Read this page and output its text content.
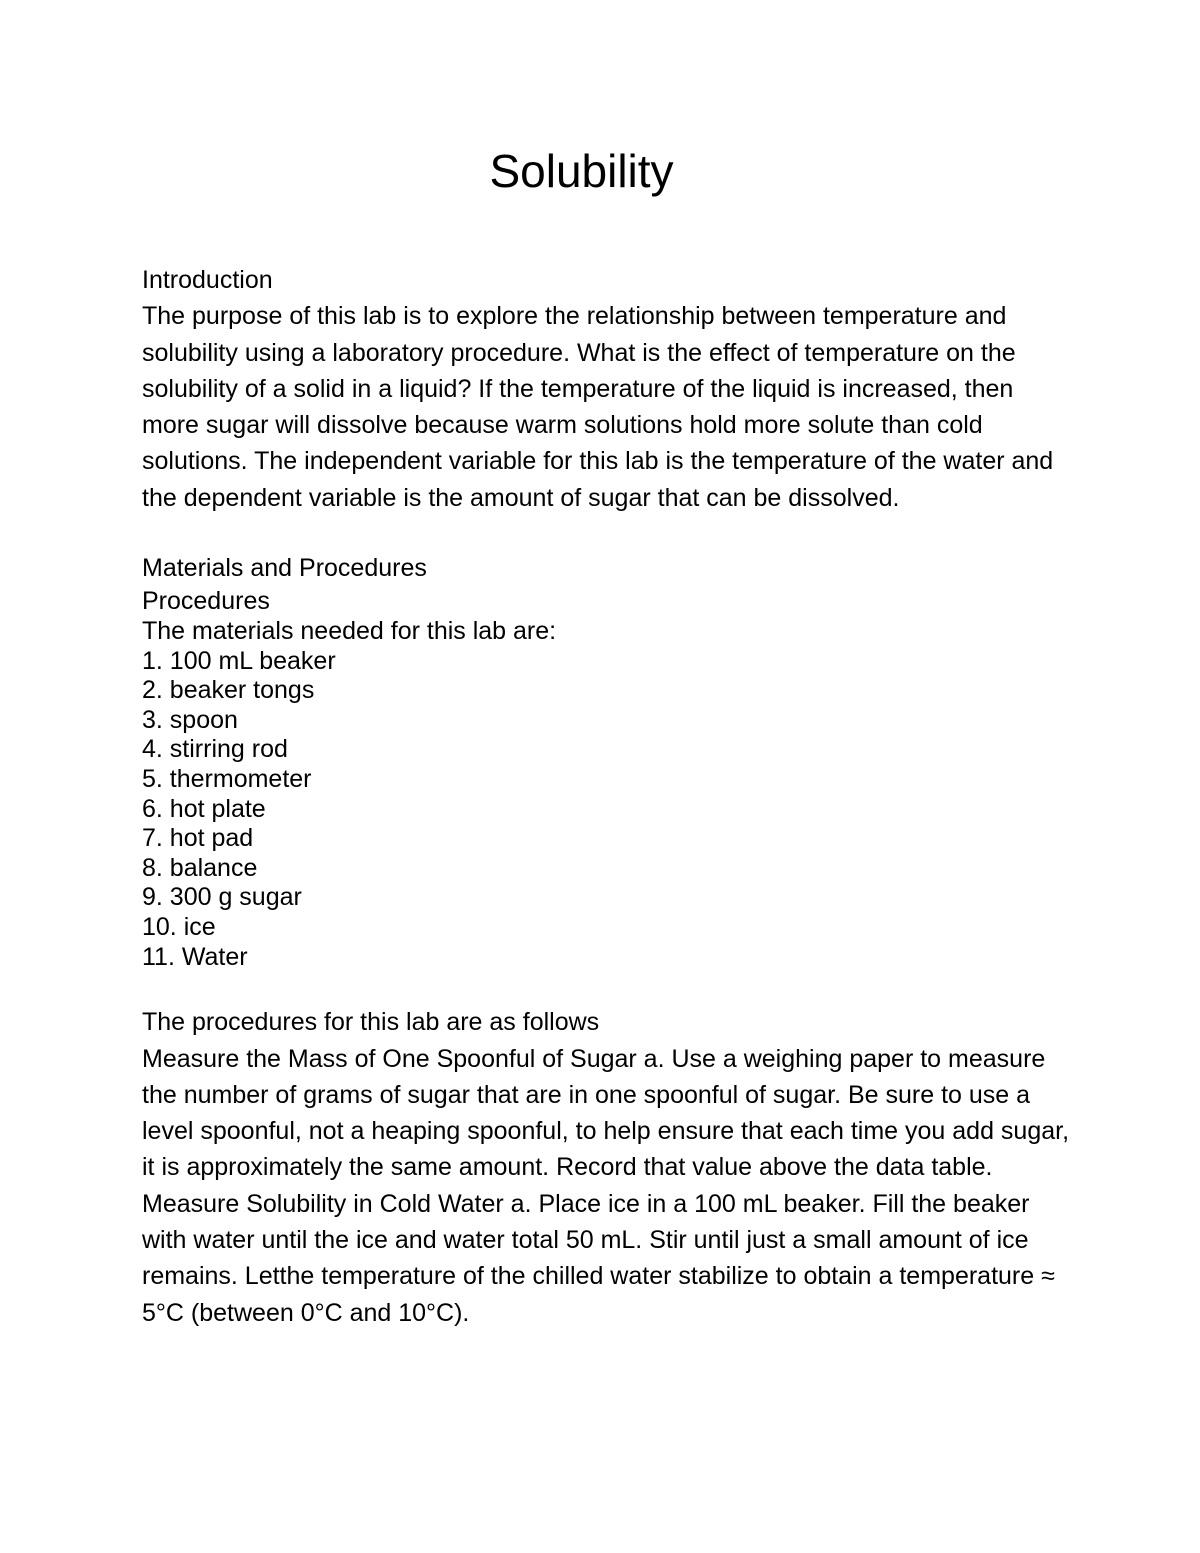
Solubility

Introduction

The purpose of this lab is to explore the relationship between temperature and solubility using a laboratory procedure. What is the effect of temperature on the solubility of a solid in a liquid? If the temperature of the liquid is increased, then more sugar will dissolve because warm solutions hold more solute than cold solutions. The independent variable for this lab is the temperature of the water and the dependent variable is the amount of sugar that can be dissolved.

Materials and Procedures

Procedures

The materials needed for this lab are:

1. 100 mL beaker
2. beaker tongs
3. spoon
4. stirring rod
5. thermometer
6. hot plate
7. hot pad
8. balance
9. 300 g sugar
10. ice
11. Water

The procedures for this lab are as follows

Measure the Mass of One Spoonful of Sugar a. Use a weighing paper to measure the number of grams of sugar that are in one spoonful of sugar. Be sure to use a level spoonful, not a heaping spoonful, to help ensure that each time you add sugar, it is approximately the same amount. Record that value above the data table.

Measure Solubility in Cold Water a. Place ice in a 100 mL beaker. Fill the beaker with water until the ice and water total 50 mL. Stir until just a small amount of ice remains. Letthe temperature of the chilled water stabilize to obtain a temperature ≈ 5°C (between 0°C and 10°C).
